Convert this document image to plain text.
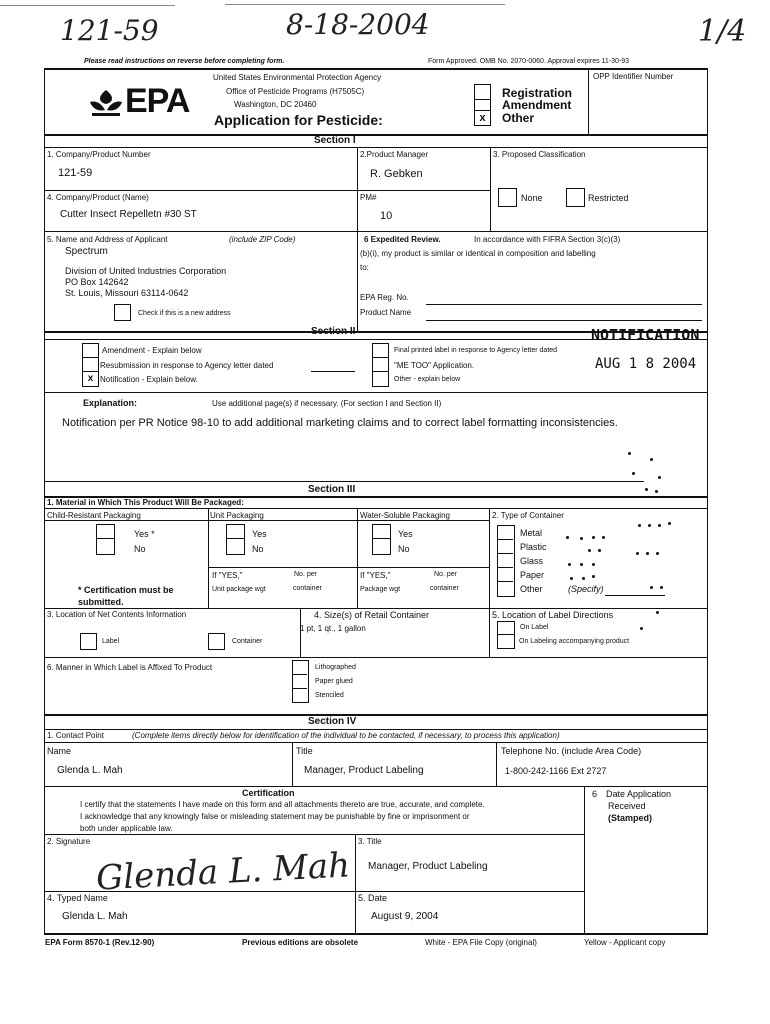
121-59	8-18-2004	1/4
Please read instructions on reverse before completing form.	Form Approved. OMB No. 2070-0060. Approval expires 11-30-93
EPA
United States Environmental Protection Agency
Office of Pesticide Programs (H7505C)
Washington, DC 20460
Application for Pesticide:
OPP Identifier Number
x
Registration
Amendment
Other
Section I
1. Company/Product Number
121-59
2.Product Manager
R. Gebken
3. Proposed Classification
4. Company/Product (Name)
Cutter Insect Repelletn #30 ST
PM#
10
None	Restricted
5. Name and Address of Applicant	(include ZIP Code)
Spectrum
Division of United Industries Corporation
PO Box 142642
St. Louis, Missouri 63114-0642
Check if this is a new address
6 Expedited Review.	In accordance with FIFRA Section 3(c)(3)
(b)(i), my product is similar or identical in composition and labelling
to:
EPA Reg. No.
Product Name
Section II	NOTIFICATION
x
Amendment - Explain below
Resubmission in response to Agency letter dated
Notification - Explain below.
Final printed label in response to Agency letter dated
"ME TOO" Application.
Other - explain below
AUG 1 8 2004
Explanation:	Use additional page(s) if necessary. (For section I and Section II)
Notification per PR Notice 98-10 to add additional marketing claims and to correct label formatting inconsistencies.
Section III
1. Material in Which This Product Will Be Packaged:
Child-Resistant Packaging	Unit Packaging	Water-Soluble Packaging	2. Type of Container
Yes *
No
Yes
No
Yes
No
If "YES,"	No. per
Unit package wgt	container
If "YES,"	No. per
Package wgt	container
* Certification must be submitted.
Metal
Plastic
Glass
Paper
Other	(Specify)
3. Location of Net Contents Information
Label	Container
4. Size(s) of Retail Container
1 pt, 1 qt., 1 gallon
5. Location of Label Directions
On Label
On Labeling accompanying product
6. Manner in Which Label is Affixed To Product	Lithographed
Paper glued
Stenciled
Section IV
1. Contact Point	(Complete items directly below for identification of the individual to be contacted, if necessary, to process this application)
Name
Glenda L. Mah
Title
Manager, Product Labeling
Telephone No. (include Area Code)
1-800-242-1166 Ext 2727
Certification
I certify that the statements I have made on this form and all attachments thereto are true, accurate, and complete.
I acknowledge that any knowingly false or misleading statement may be punishable by fine or imprisonment or
both under applicable law.
6 Date Application
Received
(Stamped)
2. Signature
Glenda L. Mah
3. Title
Manager, Product Labeling
4. Typed Name
Glenda L. Mah
5. Date
August 9, 2004
EPA Form 8570-1 (Rev.12-90)	Previous editions are obsolete	White - EPA File Copy (original)	Yellow - Applicant copy
